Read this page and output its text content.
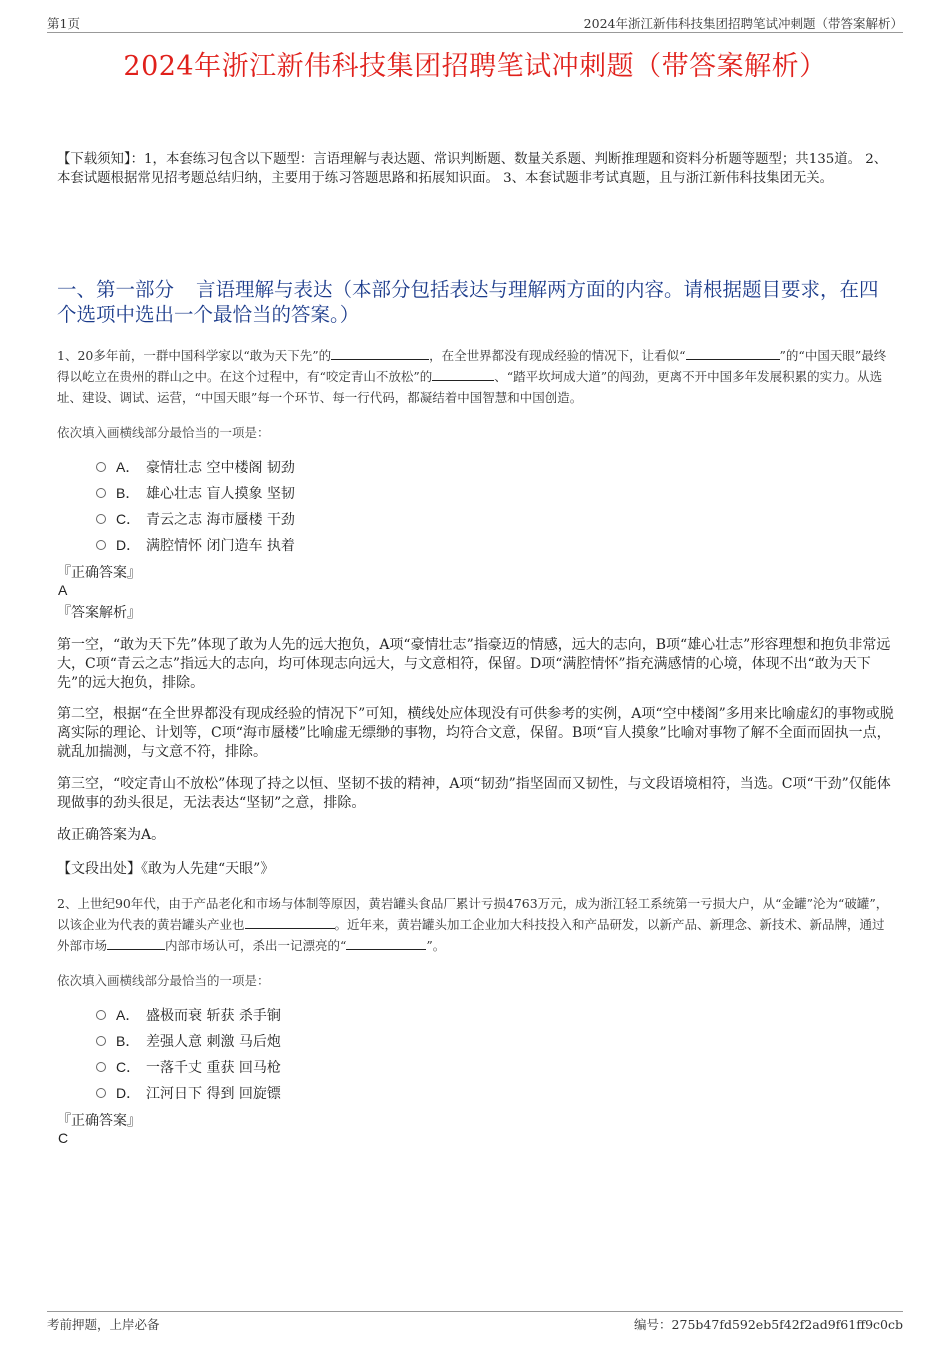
第1页	2024年浙江新伟科技集团招聘笔试冲刺题（带答案解析）
2024年浙江新伟科技集团招聘笔试冲刺题（带答案解析）
【下载须知】：1，本套练习包含以下题型：言语理解与表达题、常识判断题、数量关系题、判断推理题和资料分析题等题型；共135道。 2、本套试题根据常见招考题总结归纳，主要用于练习答题思路和拓展知识面。 3、本套试题非考试真题，且与浙江新伟科技集团无关。
一、第一部分 言语理解与表达（本部分包括表达与理解两方面的内容。请根据题目要求，在四个选项中选出一个最恰当的答案。）
1、20多年前，一群中国科学家以“敢为天下先”的	，在全世界都没有现成经验的情况下，让看似“	”的“中国天眼”最终得以屹立在贵州的群山之中。在这个过程中，有“咬定青山不放松”的	、“踏平坎坷成大道”的闯劲，更离不开中国多年发展积累的实力。从选址、建设、调试、运营，“中国天眼”每一个环节、每一行代码，都凝结着中国智慧和中国创造。
依次填入画横线部分最恰当的一项是：
A． 豪情壮志 空中楼阁 韧劲
B． 雄心壮志 盲人摸象 坚韧
C． 青云之志 海市蜃楼 干劲
D． 满腔情怀 闭门造车 执着
『正确答案』
A
『答案解析』
第一空，“敢为天下先”体现了敢为人先的远大抱负，A项“豪情壮志”指豪迈的情感，远大的志向，B项“雄心壮志”形容理想和抱负非常远大，C项“青云之志”指远大的志向，均可体现志向远大，与文意相符，保留。D项“满腔情怀”指充满感情的心境，体现不出“敢为天下先”的远大抱负，排除。
第二空，根据“在全世界都没有现成经验的情况下”可知，横线处应体现没有可供参考的实例，A项“空中楼阁”多用来比喻虚幻的事物或脱离实际的理论、计划等，C项“海市蜃楼”比喻虚无缥缈的事物，均符合文意，保留。B项“盲人摸象”比喻对事物了解不全面而固执一点，就乱加揣测，与文意不符，排除。
第三空，“咬定青山不放松”体现了持之以恒、坚韧不拔的精神，A项“韧劲”指坚固而又韧性，与文段语境相符，当选。C项“干劲”仅能体现做事的劲头很足，无法表达“坚韧”之意，排除。
故正确答案为A。
【文段出处】《敢为人先建“天眼”》
2、上世纪90年代，由于产品老化和市场与体制等原因，黄岩罐头食品厂累计亏损4763万元，成为浙江轻工系统第一亏损大户，从“金罐”沦为“破罐”，以该企业为代表的黄岩罐头产业也	。近年来，黄岩罐头加工企业加大科技投入和产品研发，以新产品、新理念、新技术、新品牌，通过外部市场	内部市场认可，杀出一记漂亮的“	”。
依次填入画横线部分最恰当的一项是：
A． 盛极而衰 斩获 杀手锏
B． 差强人意 刺激 马后炮
C． 一落千丈 重获 回马枪
D． 江河日下 得到 回旋镖
『正确答案』
C
考前押题，上岸必备	编号：275b47fd592eb5f42f2ad9f61ff9c0cb
